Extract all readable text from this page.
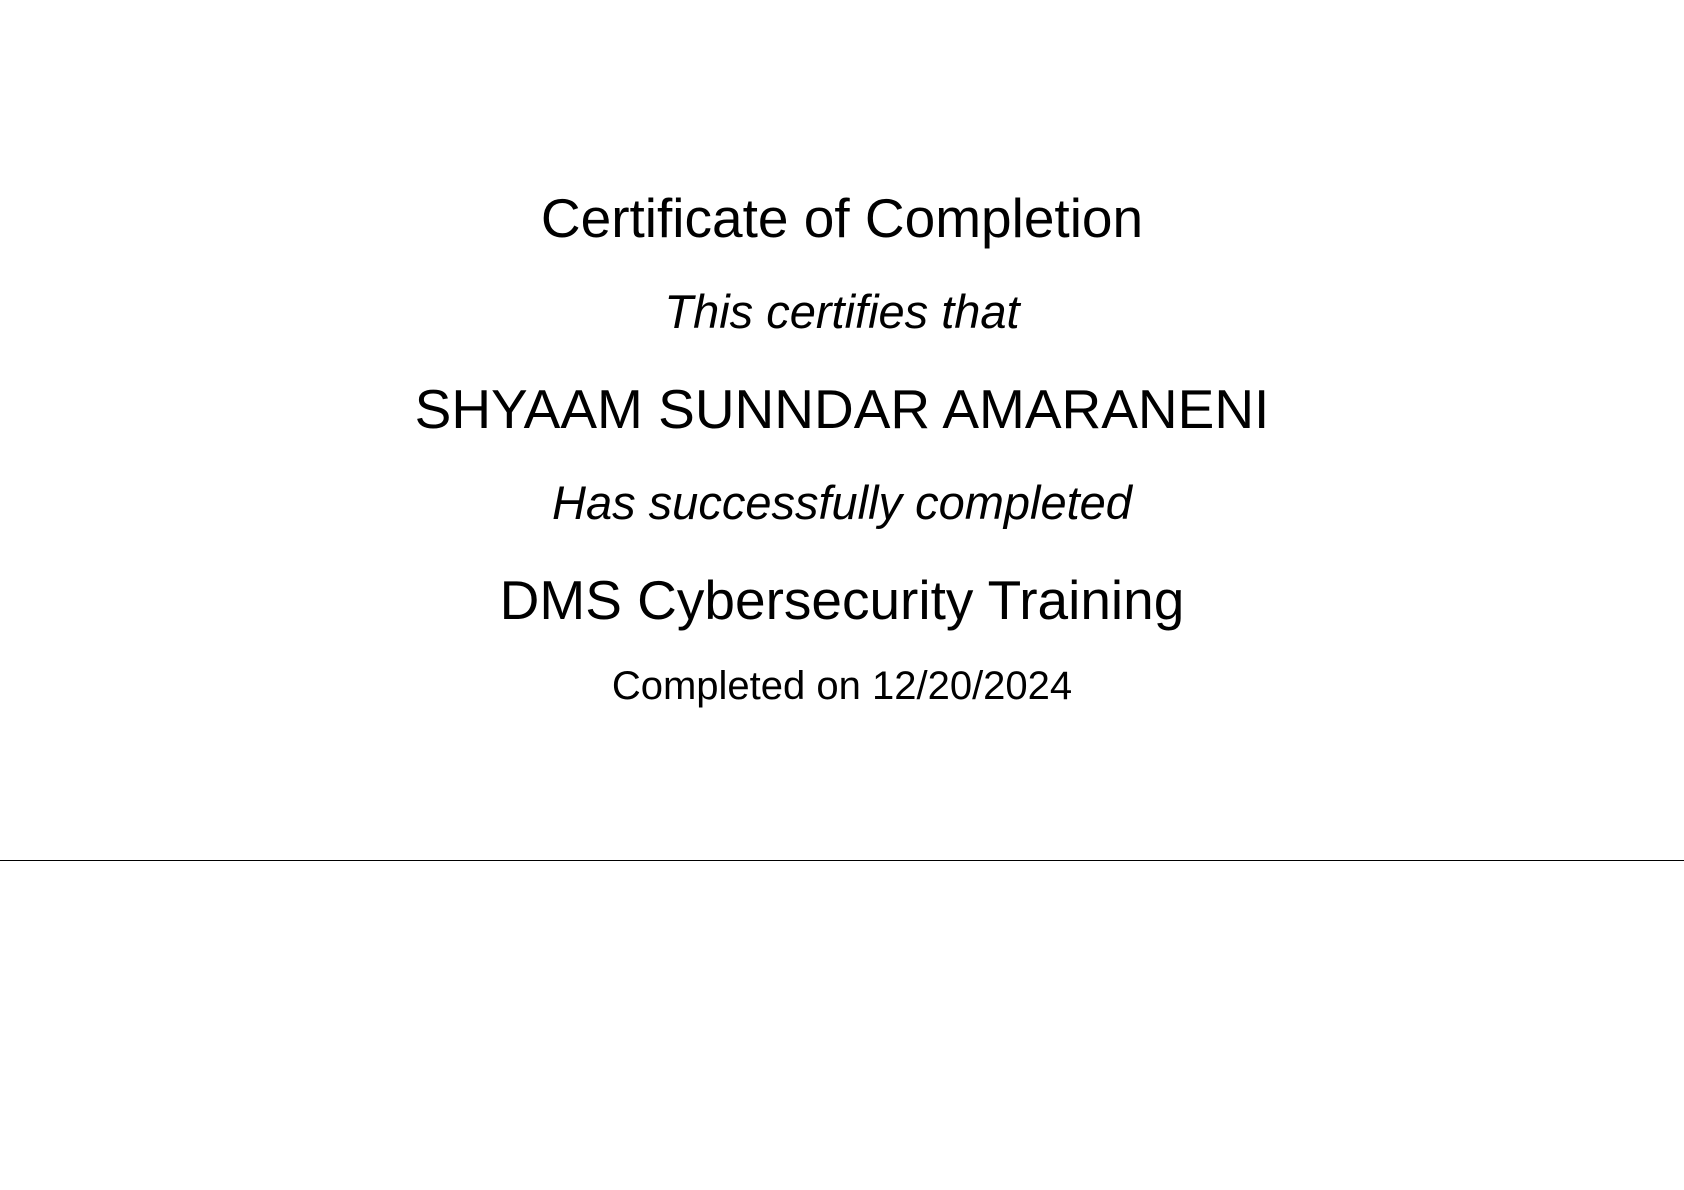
Certificate of Completion
This certifies that
SHYAAM SUNNDAR AMARANENI
Has successfully completed
DMS Cybersecurity Training
Completed on 12/20/2024
